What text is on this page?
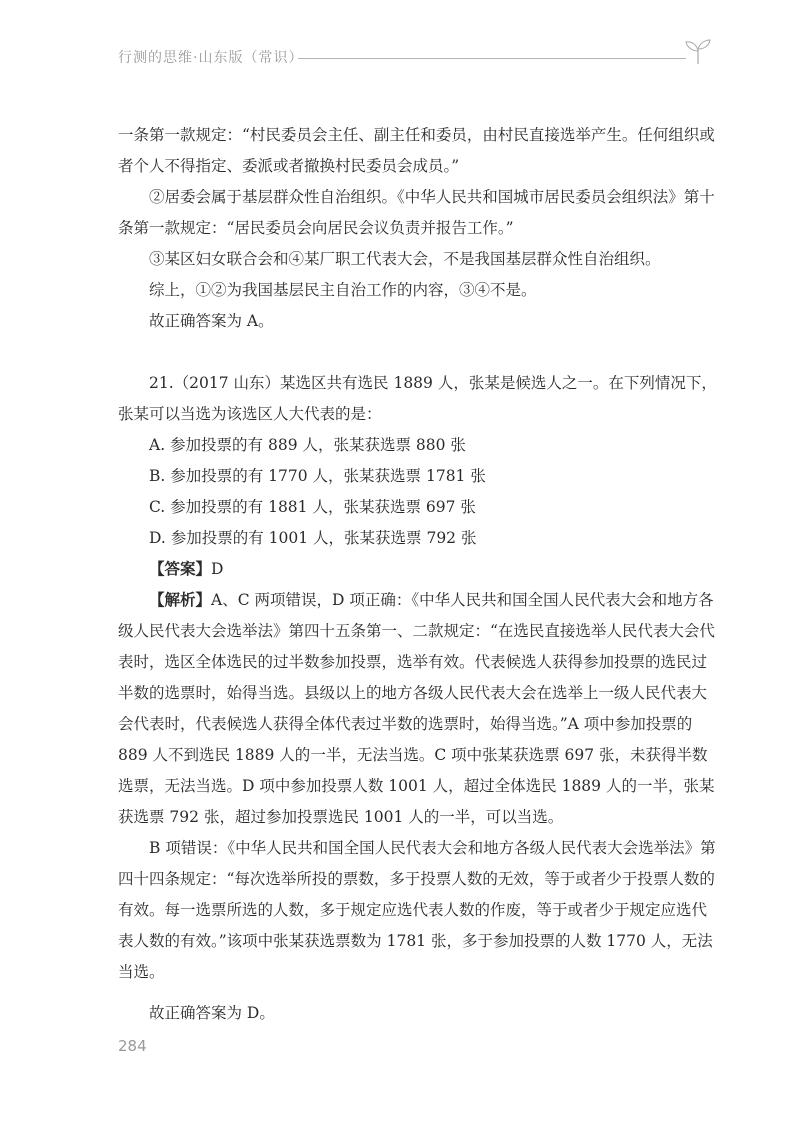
行测的思维·山东版（常识）

一条第一款规定：“村民委员会主任、副主任和委员，由村民直接选举产生。任何组织或者个人不得指定、委派或者撤换村民委员会成员。”

②居委会属于基层群众性自治组织。《中华人民共和国城市居民委员会组织法》第十条第一款规定：“居民委员会向居民会议负责并报告工作。”

③某区妇女联合会和④某厂职工代表大会，不是我国基层群众性自治组织。

综上，①②为我国基层民主自治工作的内容，③④不是。

故正确答案为 A。

21.（2017 山东）某选区共有选民 1889 人，张某是候选人之一。在下列情况下，张某可以当选为该选区人大代表的是：

A. 参加投票的有 889 人，张某获选票 880 张

B. 参加投票的有 1770 人，张某获选票 1781 张

C. 参加投票的有 1881 人，张某获选票 697 张

D. 参加投票的有 1001 人，张某获选票 792 张

【答案】D

【解析】A、C 两项错误，D 项正确：《中华人民共和国全国人民代表大会和地方各级人民代表大会选举法》第四十五条第一、二款规定：“在选民直接选举人民代表大会代表时，选区全体选民的过半数参加投票，选举有效。代表候选人获得参加投票的选民过半数的选票时，始得当选。县级以上的地方各级人民代表大会在选举上一级人民代表大会代表时，代表候选人获得全体代表过半数的选票时，始得当选。”A 项中参加投票的 889 人不到选民 1889 人的一半，无法当选。C 项中张某获选票 697 张，未获得半数选票，无法当选。D 项中参加投票人数 1001 人，超过全体选民 1889 人的一半，张某获选票 792 张，超过参加投票选民 1001 人的一半，可以当选。

B 项错误：《中华人民共和国全国人民代表大会和地方各级人民代表大会选举法》第四十四条规定：“每次选举所投的票数，多于投票人数的无效，等于或者少于投票人数的有效。每一选票所选的人数，多于规定应选代表人数的作废，等于或者少于规定应选代表人数的有效。”该项中张某获选票数为 1781 张，多于参加投票的人数 1770 人，无法当选。

故正确答案为 D。

284
